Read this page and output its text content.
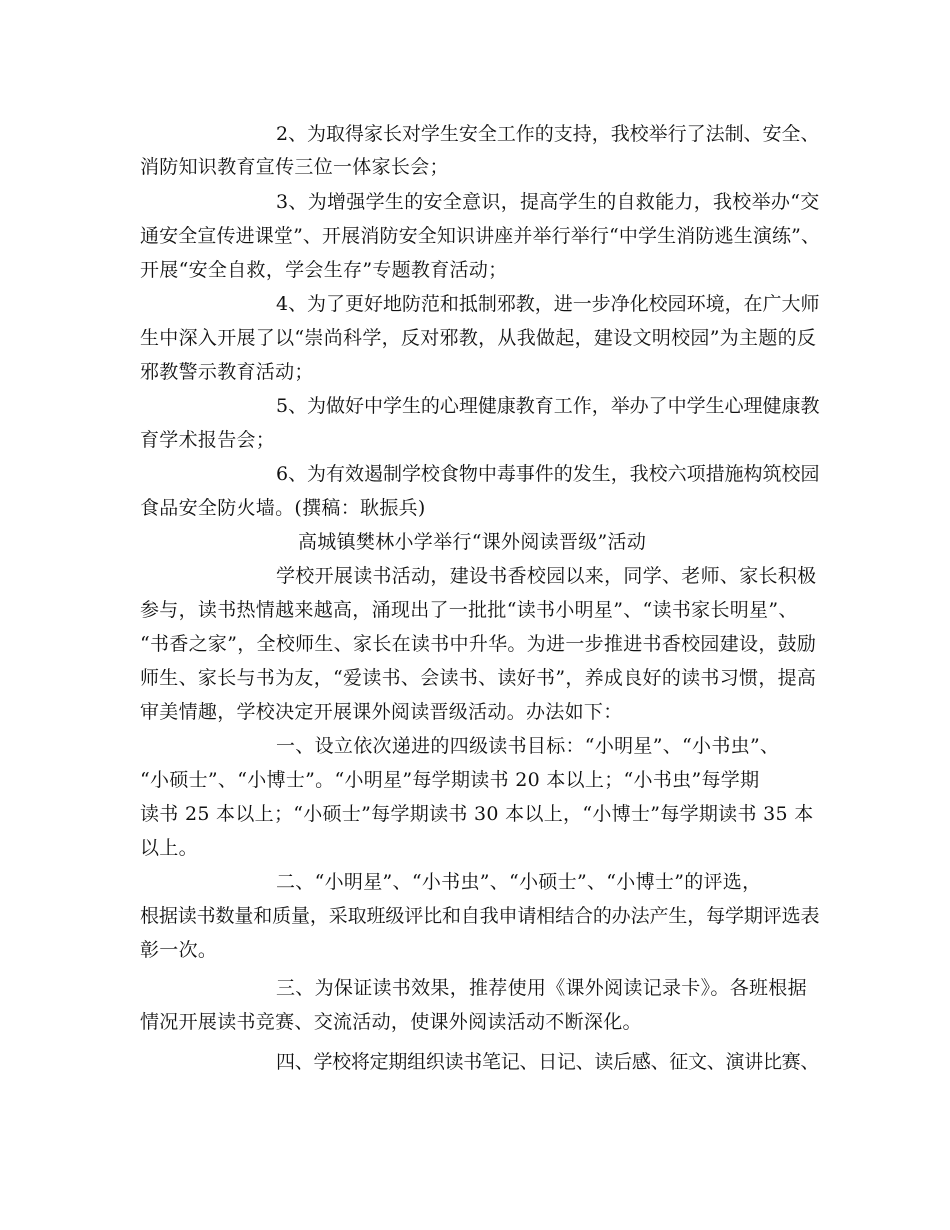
2、为取得家长对学生安全工作的支持，我校举行了法制、安全、
消防知识教育宣传三位一体家长会；
3、为增强学生的安全意识，提高学生的自救能力，我校举办“交
通安全宣传进课堂”、开展消防安全知识讲座并举行举行“中学生消防逃生演练”、
开展“安全自救，学会生存”专题教育活动；
4、为了更好地防范和抵制邪教，进一步净化校园环境，在广大师
生中深入开展了以“崇尚科学，反对邪教，从我做起，建设文明校园”为主题的反
邪教警示教育活动；
5、为做好中学生的心理健康教育工作，举办了中学生心理健康教
育学术报告会；
6、为有效遏制学校食物中毒事件的发生，我校六项措施构筑校园
食品安全防火墙。(撰稿：耿振兵)
高城镇樊林小学举行“课外阅读晋级”活动
学校开展读书活动，建设书香校园以来，同学、老师、家长积极
参与，读书热情越来越高，涌现出了一批批“读书小明星”、“读书家长明星”、
“书香之家”，全校师生、家长在读书中升华。为进一步推进书香校园建设，鼓励
师生、家长与书为友，“爱读书、会读书、读好书”，养成良好的读书习惯，提高
审美情趣，学校决定开展课外阅读晋级活动。办法如下：
一、设立依次递进的四级读书目标：“小明星”、“小书虫”、
“小硕士”、“小博士”。“小明星”每学期读书 20 本以上；“小书虫”每学期
读书 25 本以上；“小硕士”每学期读书 30 本以上，“小博士”每学期读书 35 本
以上。
二、“小明星”、“小书虫”、“小硕士”、“小博士”的评选，
根据读书数量和质量，采取班级评比和自我申请相结合的办法产生，每学期评选表
彰一次。
三、为保证读书效果，推荐使用《课外阅读记录卡》。各班根据
情况开展读书竞赛、交流活动，使课外阅读活动不断深化。
四、学校将定期组织读书笔记、日记、读后感、征文、演讲比赛、
